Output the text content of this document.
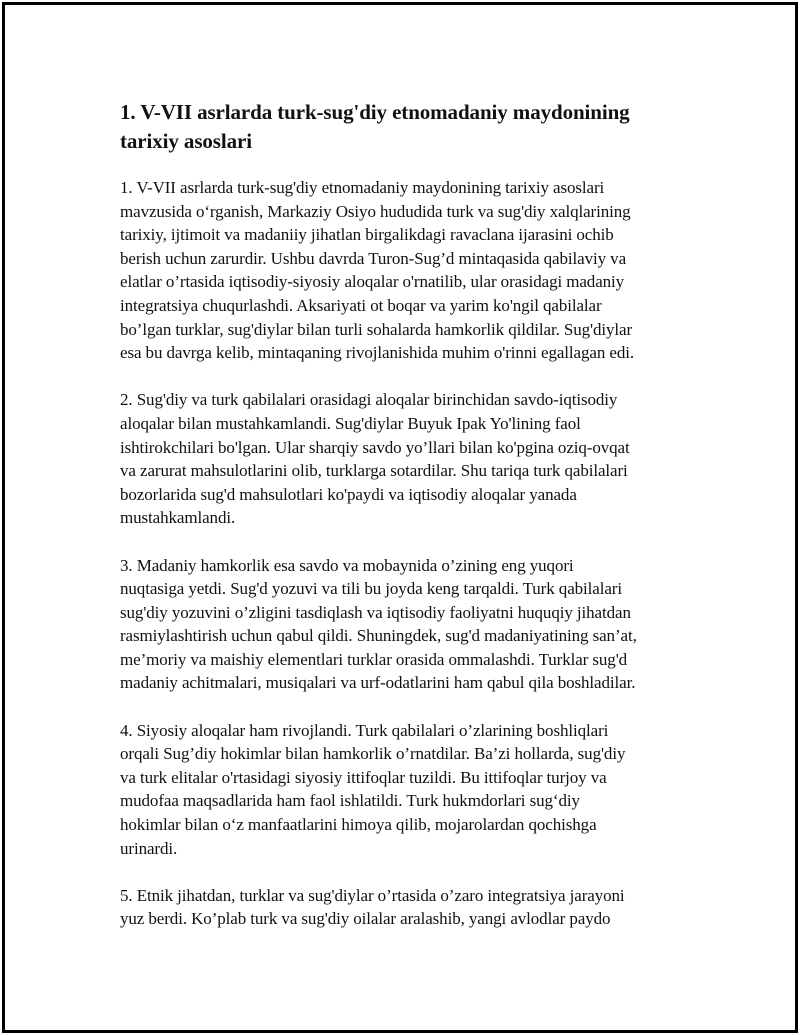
1. V-VII asrlarda turk-sug'diy etnomadaniy maydonining
tarixiy asoslari

1. V-VII asrlarda turk-sug'diy etnomadaniy maydonining tarixiy asoslari
mavzusida o‘rganish, Markaziy Osiyo hududida turk va sug'diy xalqlarining
tarixiy, ijtimoit va madaniiy jihatlan birgalikdagi ravaclana ijarasini ochib
berish uchun zarurdir. Ushbu davrda Turon-Sug’d mintaqasida qabilaviy va
elatlar o’rtasida iqtisodiy-siyosiy aloqalar o'rnatilib, ular orasidagi madaniy
integratsiya chuqurlashdi. Aksariyati ot boqar va yarim ko'ngil qabilalar
bo’lgan turklar, sug'diylar bilan turli sohalarda hamkorlik qildilar. Sug'diylar
esa bu davrga kelib, mintaqaning rivojlanishida muhim o'rinni egallagan edi.

2. Sug'diy va turk qabilalari orasidagi aloqalar birinchidan savdo-iqtisodiy
aloqalar bilan mustahkamlandi. Sug'diylar Buyuk Ipak Yo'lining faol
ishtirokchilari bo'lgan. Ular sharqiy savdo yo’llari bilan ko'pgina oziq-ovqat
va zarurat mahsulotlarini olib, turklarga sotardilar. Shu tariqa turk qabilalari
bozorlarida sug'd mahsulotlari ko'paydi va iqtisodiy aloqalar yanada
mustahkamlandi.

3. Madaniy hamkorlik esa savdo va mobaynida o’zining eng yuqori
nuqtasiga yetdi. Sug'd yozuvi va tili bu joyda keng tarqaldi. Turk qabilalari
sug'diy yozuvini o’zligini tasdiqlash va iqtisodiy faoliyatni huquqiy jihatdan
rasmiylashtirish uchun qabul qildi. Shuningdek, sug'd madaniyatining san’at,
me’moriy va maishiy elementlari turklar orasida ommalashdi. Turklar sug'd
madaniy achitmalari, musiqalari va urf-odatlarini ham qabul qila boshladilar.

4. Siyosiy aloqalar ham rivojlandi. Turk qabilalari o’zlarining boshliqlari
orqali Sug’diy hokimlar bilan hamkorlik o’rnatdilar. Ba’zi hollarda, sug'diy
va turk elitalar o'rtasidagi siyosiy ittifoqlar tuzildi. Bu ittifoqlar turjoy va
mudofaa maqsadlarida ham faol ishlatildi. Turk hukmdorlari sug‘diy
hokimlar bilan o‘z manfaatlarini himoya qilib, mojarolardan qochishga
urinardi.

5. Etnik jihatdan, turklar va sug'diylar o’rtasida o’zaro integratsiya jarayoni
yuz berdi. Ko’plab turk va sug'diy oilalar aralashib, yangi avlodlar paydo
